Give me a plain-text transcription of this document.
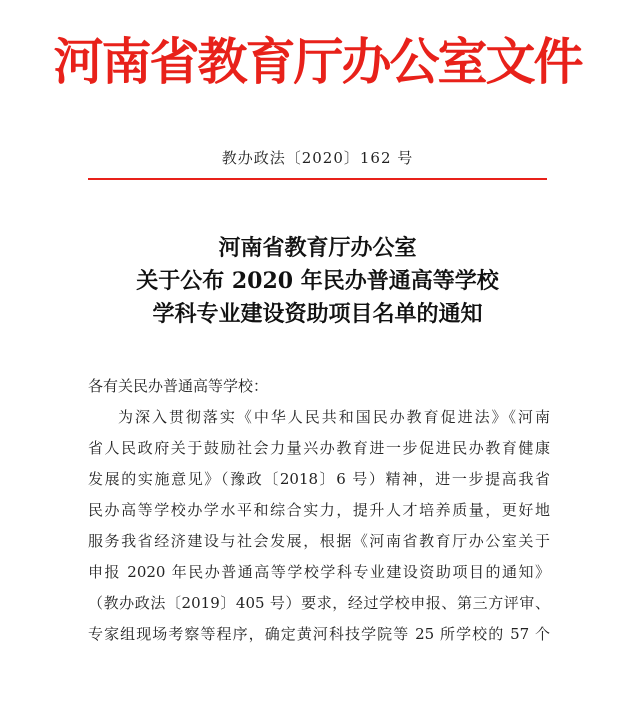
河南省教育厅办公室文件
教办政法〔2020〕162 号
河南省教育厅办公室
关于公布 2020 年民办普通高等学校
学科专业建设资助项目名单的通知
各有关民办普通高等学校：
为深入贯彻落实《中华人民共和国民办教育促进法》《河南
省人民政府关于鼓励社会力量兴办教育进一步促进民办教育健康
发展的实施意见》（豫政〔2018〕6 号）精神，进一步提高我省
民办高等学校办学水平和综合实力，提升人才培养质量，更好地
服务我省经济建设与社会发展，根据《河南省教育厅办公室关于
申报 2020 年民办普通高等学校学科专业建设资助项目的通知》
（教办政法〔2019〕405 号）要求，经过学校申报、第三方评审、
专家组现场考察等程序，确定黄河科技学院等 25 所学校的 57 个
